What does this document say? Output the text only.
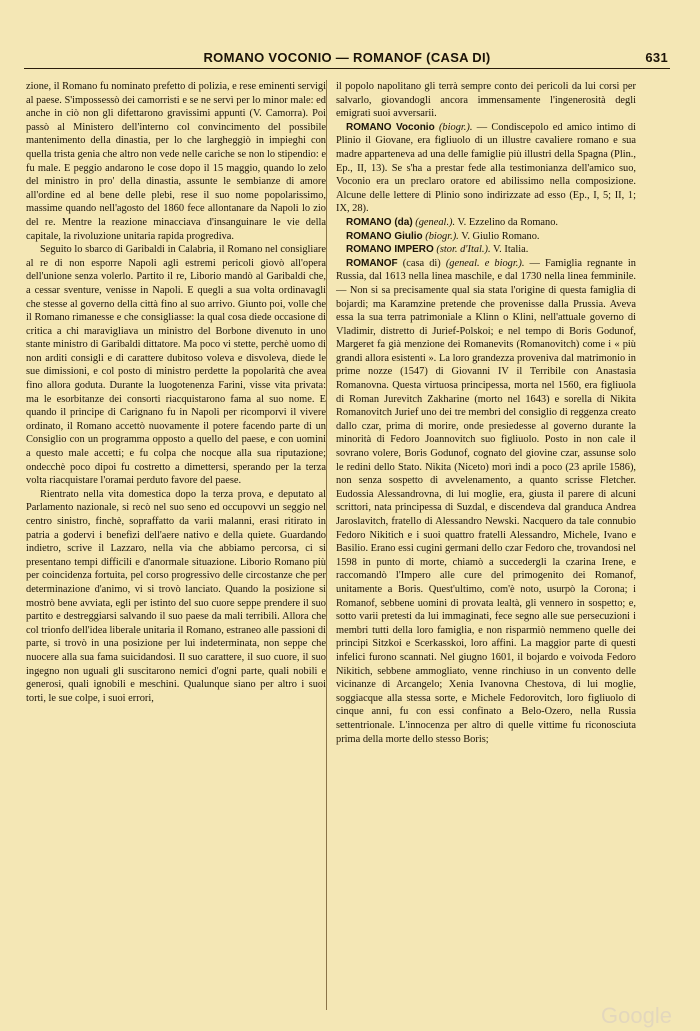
ROMANO VOCONIO — ROMANOF (CASA DI)	631

zione, il Romano fu nominato prefetto di polizia, e rese eminenti servigi al paese. S'impossessò dei camorristi e se ne servì per lo minor male: ed anche in ciò non gli difettarono gravissimi appunti (V. Camorra). Poi passò al Ministero dell'interno col convincimento del possibile mantenimento della dinastia, per lo che largheggiò in impieghi con quella trista genia che altro non vede nelle cariche se non lo stipendio: e fu male. E peggio andarono le cose dopo il 15 maggio, quando lo zelo del ministro in pro' della dinastia, assunte le sembianze di amore all'ordine ed al bene delle plebi, rese il suo nome popolarissimo, massime quando nell'agosto del 1860 fece allontanare da Napoli lo zio del re. Mentre la reazione minacciava d'insanguinare le vie della capitale, la rivoluzione unitaria rapida progrediva.

Seguito lo sbarco di Garibaldi in Calabria, il Romano nel consigliare al re di non esporre Napoli agli estremi pericoli giovò all'opera dell'unione senza volerlo. Partito il re, Liborio mandò al Garibaldi che, a cessar sventure, venisse in Napoli. E quegli a sua volta ordinavagli che stesse al governo della città fino al suo arrivo. Giunto poi, volle che il Romano rimanesse e che consigliasse: la qual cosa diede occasione di critica a chi maravigliava un ministro del Borbone divenuto in uno stante ministro di Garibaldi dittatore. Ma poco vi stette, perchè uomo di non arditi consigli e di carattere dubitoso voleva e disvoleva, diede le sue dimissioni, e col posto di ministro perdette la popolarità che avea fino allora goduta. Durante la luogotenenza Farini, visse vita privata: ma le esorbitanze dei consorti riacquistarono fama al suo nome. E quando il principe di Carignano fu in Napoli per ricomporvi il vivere ordinato, il Romano accettò nuovamente il potere facendo parte di un Consiglio con un programma opposto a quello del paese, e con uomini a questo male accetti; e fu colpa che nocque alla sua riputazione; ondecchè poco dipoi fu costretto a dimettersi, sperando per la terza volta riacquistare l'oramai perduto favore del paese.

Rientrato nella vita domestica dopo la terza prova, e deputato al Parlamento nazionale, si recò nel suo seno ed occupovvi un seggio nel centro sinistro, finchè, sopraffatto da varii malanni, erasi ritirato in patria a godervi i benefizi dell'aere nativo e della quiete. Guardando indietro, scrive il Lazzaro, nella via che abbiamo percorsa, ci si presentano tempi difficili e d'anormale situazione. Liborio Romano più per coincidenza fortuita, pel corso progressivo delle circostanze che per determinazione d'animo, vi si trovò lanciato. Quando la posizione si mostrò bene avviata, egli per istinto del suo cuore seppe prendere il suo partito e destreggiarsi salvando il suo paese da mali terribili. Allora che col trionfo dell'idea liberale unitaria il Romano, estraneo alle passioni di parte, si trovò in una posizione per lui indeterminata, non seppe che nuocere alla sua fama suicidandosi. Il suo carattere, il suo cuore, il suo ingegno non uguali gli suscitarono nemici d'ogni parte, quali nobili e generosi, quali ignobili e meschini. Qualunque siano per altro i suoi torti, le sue colpe, i suoi errori,

il popolo napolitano gli terrà sempre conto dei pericoli da lui corsi per salvarlo, giovandogli ancora immensamente l'ingenerosità degli emigrati suoi avversarii.

ROMANO Voconio (biogr.). — Condiscepolo ed amico intimo di Plinio il Giovane, era figliuolo di un illustre cavaliere romano e sua madre apparteneva ad una delle famiglie più illustri della Spagna (Plin., Ep., II, 13). Se s'ha a prestar fede alla testimonianza dell'amico suo, Voconio era un preclaro oratore ed abilissimo nella composizione. Alcune delle lettere di Plinio sono indirizzate ad esso (Ep., I, 5; II, 1; IX, 28).

ROMANO (da) (geneal.). V. Ezzelino da Romano.

ROMANO Giulio (biogr.). V. Giulio Romano.

ROMANO IMPERO (stor. d'Ital.). V. Italia.

ROMANOF (casa di) (geneal. e biogr.). — Famiglia regnante in Russia, dal 1613 nella linea maschile, e dal 1730 nella linea femminile. — Non si sa precisamente qual sia stata l'origine di questa famiglia di bojardi; ma Karamzine pretende che provenisse dalla Prussia. Aveva essa la sua terra patrimoniale a Klinn o Klini, nell'attuale governo di Vladimir, distretto di Jurief-Polskoi; e nel tempo di Boris Godunof, Margeret fa già menzione dei Romanevits (Romanovitch) come i « più grandi allora esistenti ». La loro grandezza proveniva dal matrimonio in prime nozze (1547) di Giovanni IV il Terribile con Anastasia Romanovna. Questa virtuosa principessa, morta nel 1560, era figliuola di Roman Jurevitch Zakharine (morto nel 1643) e sorella di Nikita Romanovitch Jurief uno dei tre membri del consiglio di reggenza creato dallo czar, prima di morire, onde presiedesse al governo durante la minorità di Fedoro Joannovitch suo figliuolo. Posto in non cale il sovrano volere, Boris Godunof, cognato del giovine czar, assunse solo le redini dello Stato. Nikita (Niceto) morì indi a poco (23 aprile 1586), non senza sospetto di avvelenamento, a quanto scrisse Fletcher. Eudossia Alessandrovna, di lui moglie, era, giusta il parere di alcuni scrittori, nata principessa di Suzdal, e discendeva dal granduca Andrea Jaroslavitch, fratello di Alessandro Newski. Nacquero da tale connubio Fedoro Nikitich e i suoi quattro fratelli Alessandro, Michele, Ivano e Basilio. Erano essi cugini germani dello czar Fedoro che, trovandosi nel 1598 in punto di morte, chiamò a succedergli la czarina Irene, e raccomandò l'Impero alle cure del primogenito dei Romanof, unitamente a Boris. Quest'ultimo, com'è noto, usurpò la Corona; i Romanof, sebbene uomini di provata lealtà, gli vennero in sospetto; e, sotto varii pretesti da lui immaginati, fece segno alle sue persecuzioni i membri tutti della loro famiglia, e non risparmiò nemmeno quelle dei principi Sitzkoi e Scerkasskoi, loro affini. La maggior parte di questi infelici furono scannati. Nel giugno 1601, il bojardo e voivoda Fedoro Nikitich, sebbene ammogliato, venne rinchiuso in un convento delle vicinanze di Arcangelo; Xenia Ivanovna Chestova, di lui moglie, soggiacque alla stessa sorte, e Michele Fedorovitch, loro figliuolo di cinque anni, fu con essi confinato a Belo-Ozero, nella Russia settentrionale. L'innocenza per altro di quelle vittime fu riconosciuta prima della morte dello stesso Boris;

Google
